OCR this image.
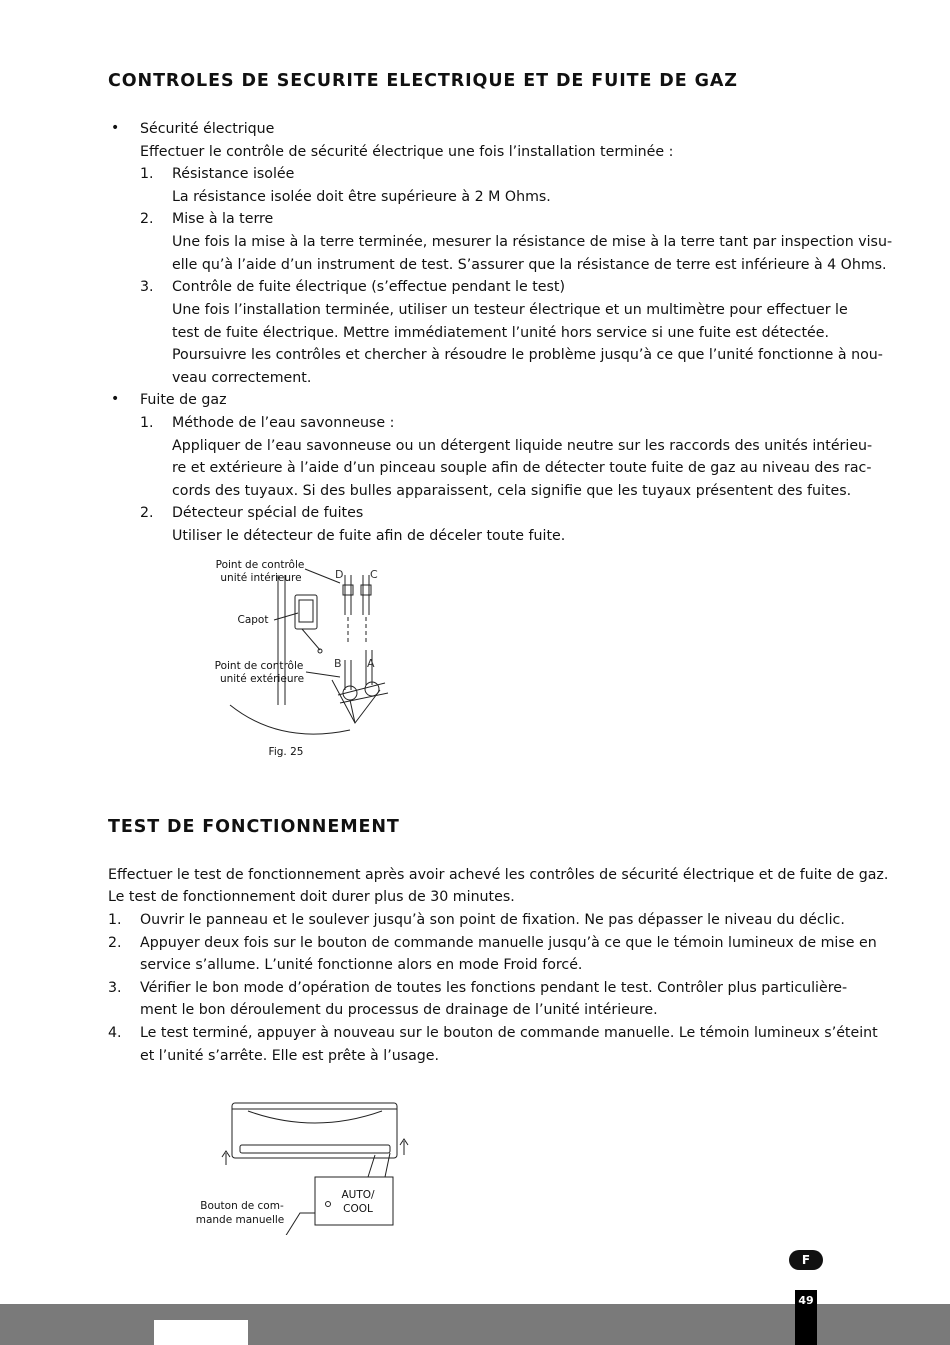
CONTROLES DE SECURITE ELECTRIQUE ET DE FUITE DE GAZ
• Sécurité électrique

Effectuer le contrôle de sécurité électrique une fois l’installation terminée :

1. Résistance isolée

La résistance isolée doit être supérieure à 2 M Ohms.

2. Mise à la terre

Une fois la mise à la terre terminée, mesurer la résistance de mise à la terre tant par inspection visu-

elle qu’à l’aide d’un instrument de test. S’assurer que la résistance de terre est inférieure à 4 Ohms.

3. Contrôle de fuite électrique (s’effectue pendant le test)

Une fois l’installation terminée, utiliser un testeur électrique et un multimètre pour effectuer le

test de fuite électrique. Mettre immédiatement l’unité hors service si une fuite est détectée.

Poursuivre les contrôles et chercher à résoudre le problème jusqu’à ce que l’unité fonctionne à nou-

veau correctement.

• Fuite de gaz

1. Méthode de l’eau savonneuse :

Appliquer de l’eau savonneuse ou un détergent liquide neutre sur les raccords des unités intérieu-

re et extérieure à l’aide d’un pinceau souple afin de détecter toute fuite de gaz au niveau des rac-

cords des tuyaux. Si des bulles apparaissent, cela signifie que les tuyaux présentent des fuites.

2. Détecteur spécial de fuites

Utiliser le détecteur de fuite afin de déceler toute fuite.

Point de contrôle
unité intérieure
Capot
Point de contrôle
unité extérieure
D C
B A
Fig. 25
TEST DE FONCTIONNEMENT

Effectuer le test de fonctionnement après avoir achevé les contrôles de sécurité électrique et de fuite de gaz.

Le test de fonctionnement doit durer plus de 30 minutes.

1. Ouvrir le panneau et le soulever jusqu’à son point de fixation. Ne pas dépasser le niveau du déclic.

2. Appuyer deux fois sur le bouton de commande manuelle jusqu’à ce que le témoin lumineux de mise en

service s’allume. L’unité fonctionne alors en mode Froid forcé.

3. Vérifier le bon mode d’opération de toutes les fonctions pendant le test. Contrôler plus particulière-

ment le bon déroulement du processus de drainage de l’unité intérieure.

4. Le test terminé, appuyer à nouveau sur le bouton de commande manuelle. Le témoin lumineux s’éteint

et l’unité s’arrête. Elle est prête à l’usage.

AUTO/
COOL
Bouton de com-
mande manuelle
F
49
